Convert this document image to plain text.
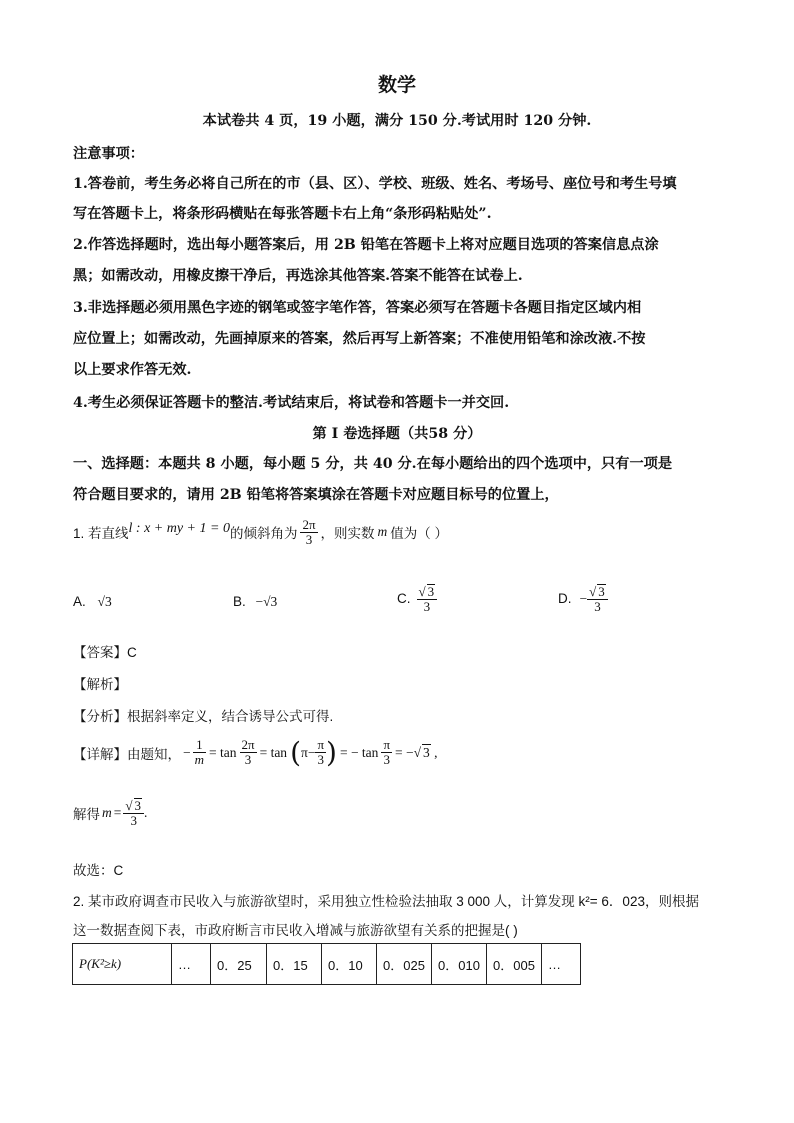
数学
本试卷共 4 页，19 小题，满分 150 分.考试用时 120 分钟.
注意事项：
1.答卷前，考生务必将自己所在的市（县、区）、学校、班级、姓名、考场号、座位号和考生号填
写在答题卡上，将条形码横贴在每张答题卡右上角“条形码粘贴处”.
2.作答选择题时，选出每小题答案后，用 2B 铅笔在答题卡上将对应题目选项的答案信息点涂
黑；如需改动，用橡皮擦干净后，再选涂其他答案.答案不能答在试卷上.
3.非选择题必须用黑色字迹的钢笔或签字笔作答，答案必须写在答题卡各题目指定区域内相
应位置上；如需改动，先画掉原来的答案，然后再写上新答案；不准使用铅笔和涂改液.不按
以上要求作答无效.
4.考生必须保证答题卡的整洁.考试结束后，将试卷和答题卡一并交回.
第 I 卷选择题（共58 分）
一、选择题：本题共 8 小题，每小题 5 分，共 40 分.在每小题给出的四个选项中，只有一项是
符合题目要求的，请用 2B 铅笔将答案填涂在答题卡对应题目标号的位置上，
1. 若直线 l : x + my + 1 = 0 的倾斜角为 $\frac{2\pi}{3}$ ，则实数 m 值为（ ）
A. √3	B. −√3	C. $\frac{√ 3}{3}$	D. − $\frac{√ 3}{3}$
【答案】C
【解析】
【分析】根据斜率定义，结合诱导公式可得.
【详解】 由题知， − $\frac{1}{m} = \tan \frac{2\pi}{3} = \tan$ ( $\pi- \frac{\pi}{3}$ ) = − $\tan \frac{\pi}{3}$ = −√ 3 ,
解得 $m = \frac{√ 3}{3}$ .
故选：C
2. 某市政府调查市民收入与旅游欲望时，采用独立性检验法抽取 3 000 人，计算发现 k²= 6．023，则根据
这一数据查阅下表，市政府断言市民收入增减与旅游欲望有关系的把握是( )
P(K²≥k)	…	0．25	0．15	0．10	0．025	0．010	0．005	…
